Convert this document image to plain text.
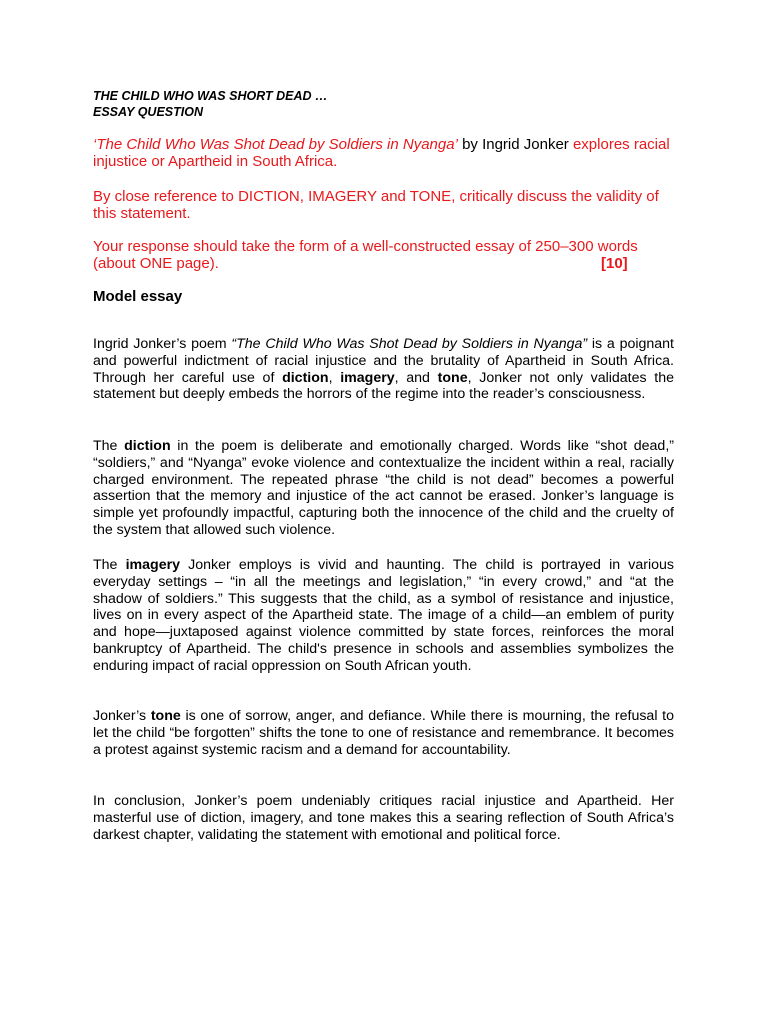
THE CHILD WHO WAS SHORT DEAD …

ESSAY QUESTION

‘The Child Who Was Shot Dead by Soldiers in Nyanga’ by Ingrid Jonker explores racial injustice or Apartheid in South Africa.

By close reference to DICTION, IMAGERY and TONE, critically discuss the validity of this statement.

Your response should take the form of a well-constructed essay of 250–300 words (about ONE page).	[10]

Model essay

Ingrid Jonker’s poem “The Child Who Was Shot Dead by Soldiers in Nyanga” is a poignant and powerful indictment of racial injustice and the brutality of Apartheid in South Africa. Through her careful use of diction, imagery, and tone, Jonker not only validates the statement but deeply embeds the horrors of the regime into the reader’s consciousness.

The diction in the poem is deliberate and emotionally charged. Words like “shot dead,” “soldiers,” and “Nyanga” evoke violence and contextualize the incident within a real, racially charged environment. The repeated phrase “the child is not dead” becomes a powerful assertion that the memory and injustice of the act cannot be erased. Jonker’s language is simple yet profoundly impactful, capturing both the innocence of the child and the cruelty of the system that allowed such violence.

The imagery Jonker employs is vivid and haunting. The child is portrayed in various everyday settings – “in all the meetings and legislation,” “in every crowd,” and “at the shadow of soldiers.” This suggests that the child, as a symbol of resistance and injustice, lives on in every aspect of the Apartheid state. The image of a child—an emblem of purity and hope—juxtaposed against violence committed by state forces, reinforces the moral bankruptcy of Apartheid. The child's presence in schools and assemblies symbolizes the enduring impact of racial oppression on South African youth.

Jonker’s tone is one of sorrow, anger, and defiance. While there is mourning, the refusal to let the child “be forgotten” shifts the tone to one of resistance and remembrance. It becomes a protest against systemic racism and a demand for accountability.

In conclusion, Jonker’s poem undeniably critiques racial injustice and Apartheid. Her masterful use of diction, imagery, and tone makes this a searing reflection of South Africa’s darkest chapter, validating the statement with emotional and political force.
